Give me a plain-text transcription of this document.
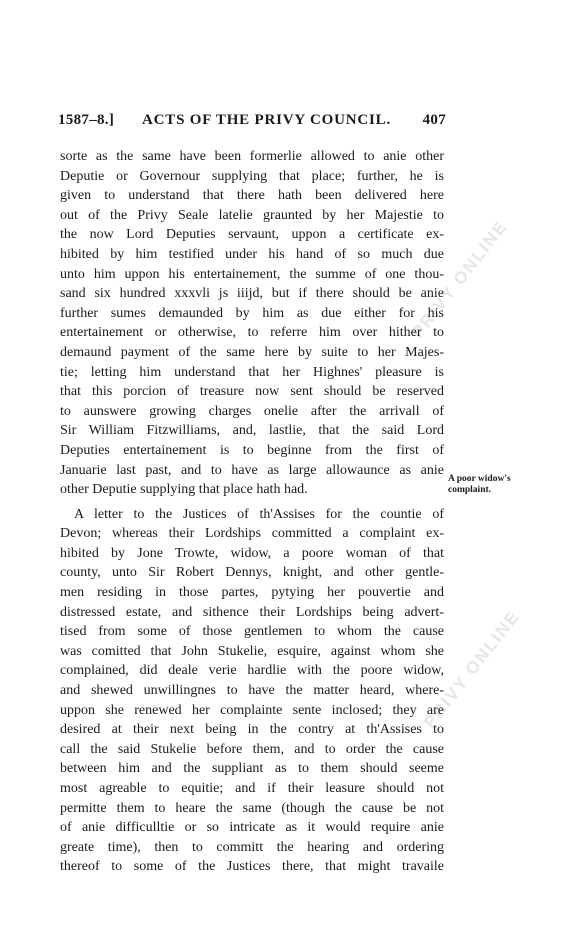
PRIVY ONLINE
PRIVY ONLINE
1587–8.] ACTS OF THE PRIVY COUNCIL. 407
sorte as the same have been formerlie allowed to anie other
Deputie or Governour supplying that place; further, he is
given to understand that there hath been delivered here
out of the Privy Seale latelie graunted by her Majestie to
the now Lord Deputies servaunt, uppon a certificate ex-
hibited by him testified under his hand of so much due
unto him uppon his entertainement, the summe of one thou-
sand six hundred xxxvli js iiijd, but if there should be anie
further sumes demaunded by him as due either for his
entertainement or otherwise, to referre him over hither to
demaund payment of the same here by suite to her Majes-
tie; letting him understand that her Highnes' pleasure is
that this porcion of treasure now sent should be reserved
to aunswere growing charges onelie after the arrivall of
Sir William Fitzwilliams, and, lastlie, that the said Lord
Deputies entertainement is to beginne from the first of
Januarie last past, and to have as large allowaunce as anie
other Deputie supplying that place hath had.
A letter to the Justices of th'Assises for the countie of
Devon; whereas their Lordships committed a complaint ex-
hibited by Jone Trowte, widow, a poore woman of that
county, unto Sir Robert Dennys, knight, and other gentle-
men residing in those partes, pytying her pouvertie and
distressed estate, and sithence their Lordships being advert-
tised from some of those gentlemen to whom the cause
was comitted that John Stukelie, esquire, against whom she
complained, did deale verie hardlie with the poore widow,
and shewed unwillingnes to have the matter heard, where-
uppon she renewed her complainte sente inclosed; they are
desired at their next being in the contry at th'Assises to
call the said Stukelie before them, and to order the cause
between him and the suppliant as to them should seeme
most agreable to equitie; and if their leasure should not
permitte them to heare the same (though the cause be not
of anie difficulltie or so intricate as it would require anie
greate time), then to committ the hearing and ordering
thereof to some of the Justices there, that might travaile
A poor widow's
complaint.
